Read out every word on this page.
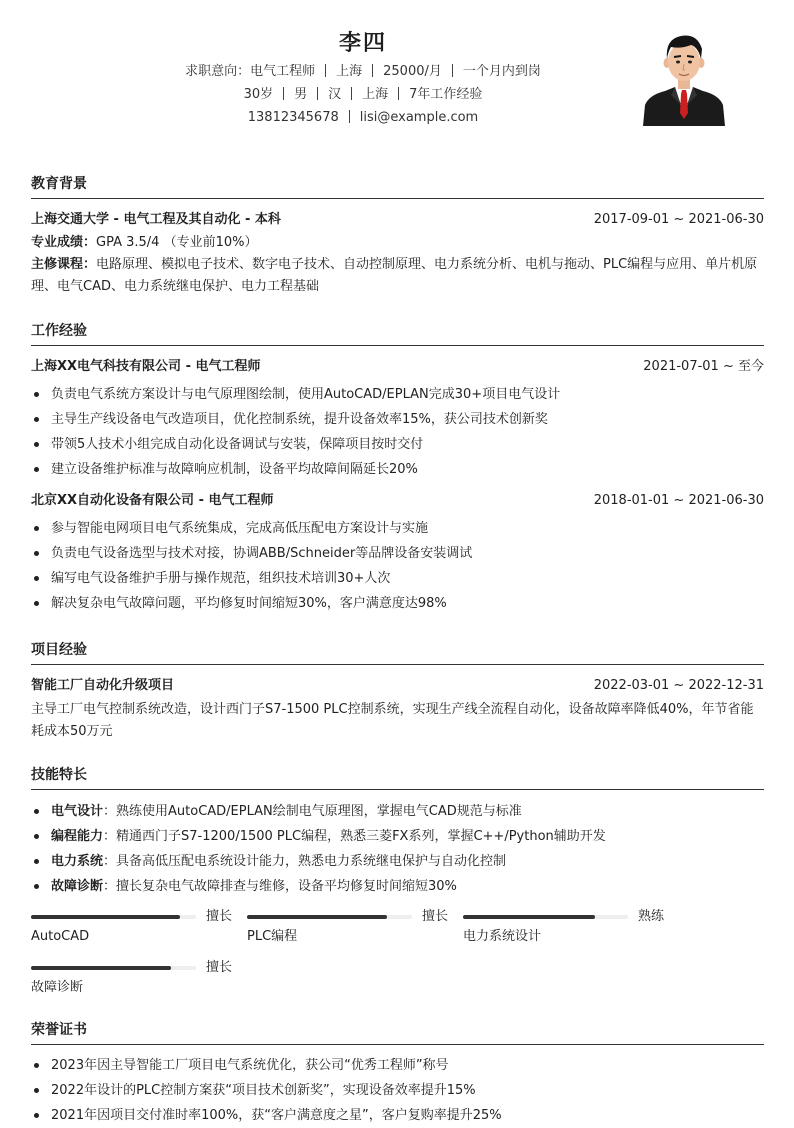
李四
求职意向：电气工程师 上海 25000/月 一个月内到岗
30岁 男 汉 上海 7年工作经验
13812345678 lisi@example.com
教育背景
上海交通大学 - 电气工程及其自动化 - 本科	2017-09-01 ~ 2021-06-30
专业成绩：GPA 3.5/4 （专业前10%）
主修课程：电路原理、模拟电子技术、数字电子技术、自动控制原理、电力系统分析、电机与拖动、PLC编程与应用、单片机原理、电气CAD、电力系统继电保护、电力工程基础
工作经验
上海XX电气科技有限公司 - 电气工程师	2021-07-01 ~ 至今
负责电气系统方案设计与电气原理图绘制，使用AutoCAD/EPLAN完成30+项目电气设计
主导生产线设备电气改造项目，优化控制系统，提升设备效率15%，获公司技术创新奖
带领5人技术小组完成自动化设备调试与安装，保障项目按时交付
建立设备维护标准与故障响应机制，设备平均故障间隔延长20%
北京XX自动化设备有限公司 - 电气工程师	2018-01-01 ~ 2021-06-30
参与智能电网项目电气系统集成，完成高低压配电方案设计与实施
负责电气设备选型与技术对接，协调ABB/Schneider等品牌设备安装调试
编写电气设备维护手册与操作规范，组织技术培训30+人次
解决复杂电气故障问题，平均修复时间缩短30%，客户满意度达98%
项目经验
智能工厂自动化升级项目	2022-03-01 ~ 2022-12-31
主导工厂电气控制系统改造，设计西门子S7-1500 PLC控制系统，实现生产线全流程自动化，设备故障率降低40%，年节省能耗成本50万元
技能特长
电气设计：熟练使用AutoCAD/EPLAN绘制电气原理图，掌握电气CAD规范与标准
编程能力：精通西门子S7-1200/1500 PLC编程，熟悉三菱FX系列，掌握C++/Python辅助开发
电力系统：具备高低压配电系统设计能力，熟悉电力系统继电保护与自动化控制
故障诊断：擅长复杂电气故障排查与维修，设备平均修复时间缩短30%
擅长
AutoCAD
擅长
PLC编程
熟练
电力系统设计
擅长
故障诊断
荣誉证书
2023年因主导智能工厂项目电气系统优化，获公司“优秀工程师”称号
2022年设计的PLC控制方案获“项目技术创新奖”，实现设备效率提升15%
2021年因项目交付准时率100%，获“客户满意度之星”，客户复购率提升25%
